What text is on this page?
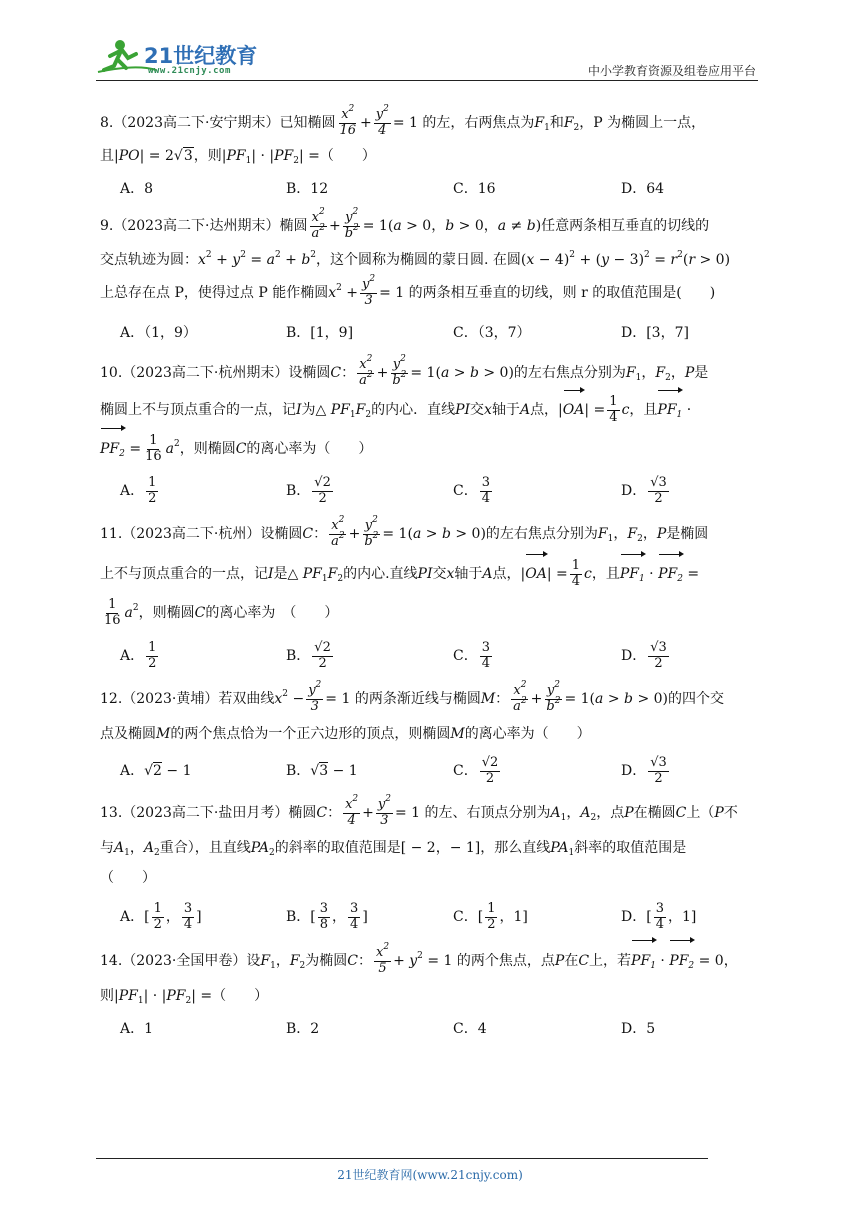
21世纪教育
www.21cnjy.com	中小学教育资源及组卷应用平台
8.（2023高二下·安宁期末）已知椭圆 $\frac{x^2}{16} + \frac{y^2}{4} = 1$ 的左，右两焦点为$F_1$和$F_2$，P 为椭圆上一点，
且|PO| = 2√3，则$|PF_1| \cdot |PF_2|$ =（　　）
A．8	B．12	C．16	D．64
9.（2023高二下·达州期末）椭圆 $\frac{x^2}{a^2} + \frac{y^2}{b^2} = 1(a > 0$，b > 0，a ≠ b)任意两条相互垂直的切线的
交点轨迹为圆：$x^2 + y^2 = a^2 + b^2$，这个圆称为椭圆的蒙日圆. 在圆$(x - 4)^2 + (y - 3)^2 = r^2(r > 0)$
上总存在点 P，使得过点 P 能作椭圆$x^2 + \frac{y^2}{3} = 1$ 的两条相互垂直的切线，则 r 的取值范围是(　　)
A．（1，9）	B．[1，9]	C．（3，7）	D．[3，7]
10.（2023高二下·杭州期末）设椭圆C： $\frac{x^2}{a^2} + \frac{y^2}{b^2} = 1(a > b > 0)$的左右焦点分别为$F_1$，$F_2$，P是
椭圆上不与顶点重合的一点，记I为△ $PF_1F_2$的内心．直线PI交x轴于A点，$|OA| = \frac{1}{4}$ c，且$PF_1$ ·
$PF_2 = \frac{1}{16} a^2$，则椭圆C的离心率为（　　）
A． $\frac{1}{2}$	B． $\frac{√2}{2}$	C． $\frac{3}{4}$	D． $\frac{√3}{2}$
11.（2023高二下·杭州）设椭圆C： $\frac{x^2}{a^2} + \frac{y^2}{b^2} = 1(a > b > 0)$的左右焦点分别为$F_1$，$F_2$，P是椭圆
上不与顶点重合的一点，记I是△ $PF_1F_2$的内心.直线PI交x轴于A点，$|OA| = \frac{1}{4}$ c，且$PF_1 \cdot PF_2$ =
$\frac{1}{16} a^2$，则椭圆C的离心率为　（　　）
A． $\frac{1}{2}$	B． $\frac{√2}{2}$	C． $\frac{3}{4}$	D． $\frac{√3}{2}$
12.（2023·黄埔）若双曲线$x^2 - \frac{y^2}{3} = 1$ 的两条渐近线与椭圆M： $\frac{x^2}{a^2} + \frac{y^2}{b^2} = 1(a > b > 0)$的四个交
点及椭圆M的两个焦点恰为一个正六边形的顶点，则椭圆M的离心率为（　　）
A．√2 − 1	B．√3 − 1	C． $\frac{√2}{2}$	D． $\frac{√3}{2}$
13.（2023高二下·盐田月考）椭圆C： $\frac{x^2}{4} + \frac{y^2}{3} = 1$ 的左、右顶点分别为$A_1$，$A_2$，点P在椭圆C上（P不
与$A_1$，$A_2$重合），且直线$PA_2$的斜率的取值范围是[ − 2，− 1]，那么直线$PA_1$斜率的取值范围是
（　　）
A．[ $\frac{1}{2}$ ， $\frac{3}{4}$ ]	B．[ $\frac{3}{8}$ ， $\frac{3}{4}$ ]	C．[ $\frac{1}{2}$ ，1]	D．[ $\frac{3}{4}$ ，1]
14.（2023·全国甲卷）设$F_1$，$F_2$为椭圆C： $\frac{x^2}{5} + y^2 = 1$ 的两个焦点，点P在C上，若$PF_1 \cdot PF_2 = 0$，
则$|PF_1| \cdot |PF_2|$ =（　　）
A．1	B．2	C．4	D．5
21世纪教育网(www.21cnjy.com)
